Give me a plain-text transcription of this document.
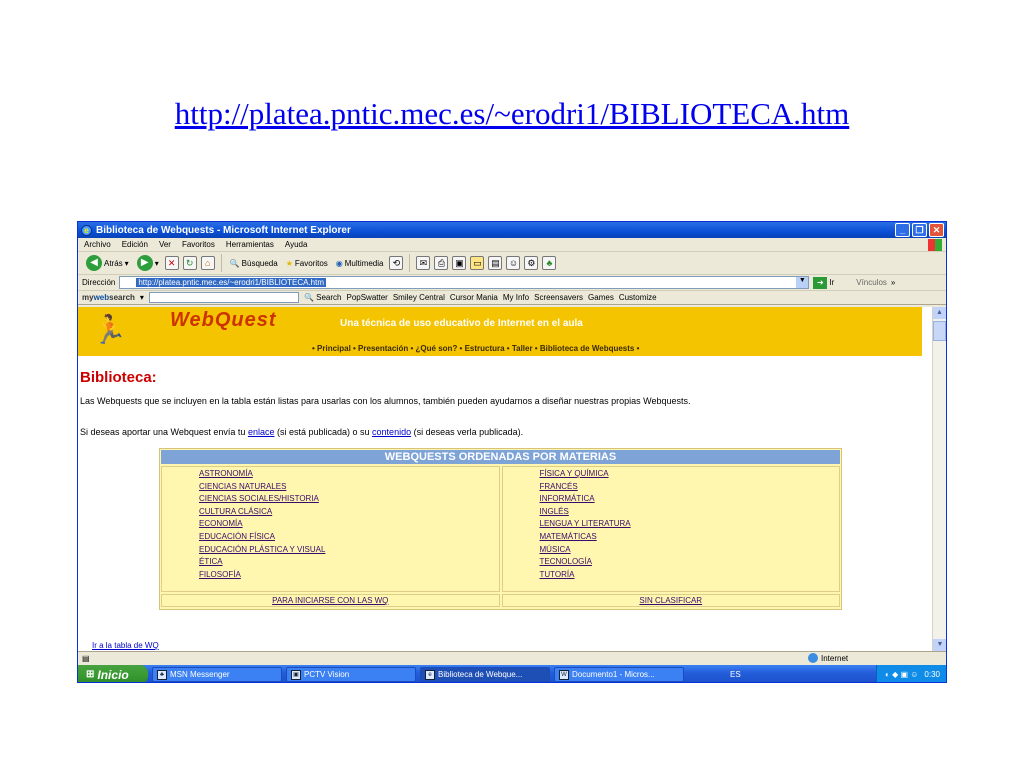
http://platea.pntic.mec.es/~erodri1/BIBLIOTECA.htm
e Biblioteca de Webquests - Microsoft Internet Explorer	_	❐	✕
Archivo Edición Ver Favoritos Herramientas Ayuda
◀ Atrás ▾	▶ ▾	✕	↻	⌂	🔍 Búsqueda ★ Favoritos ◉ Multimedia	⟲	✉	⎙	▣	▭	▤	☺	⚙	♣
Dirección	http://platea.pntic.mec.es/~erodri1/BIBLIOTECA.htm	▼	➜ Ir	Vínculos »
mywebsearch ▾	🔍 Search PopSwatter Smiley Central Cursor Mania My Info Screensavers Games Customize
🏃 WebQuest	Una técnica de uso educativo de Internet en el aula
• Principal • Presentación • ¿Qué son? • Estructura • Taller • Biblioteca de Webquests •
Biblioteca:
Las Webquests que se incluyen en la tabla están listas para usarlas con los alumnos, también pueden ayudarnos a diseñar nuestras propias Webquests.
Si deseas aportar una Webquest envía tu enlace (si está publicada) o su contenido (si deseas verla publicada).
WEBQUESTS ORDENADAS POR MATERIAS
ASTRONOMÍA
CIENCIAS NATURALES
CIENCIAS SOCIALES/HISTORIA
CULTURA CLÁSICA
ECONOMÍA
EDUCACIÓN FÍSICA
EDUCACIÓN PLÁSTICA Y VISUAL
ÉTICA
FILOSOFÍA
FÍSICA Y QUÍMICA
FRANCÉS
INFORMÁTICA
INGLÉS
LENGUA Y LITERATURA
MATEMÁTICAS
MÚSICA
TECNOLOGÍA
TUTORÍA
PARA INICIARSE CON LAS WQ	SIN CLASIFICAR
Ir a la tabla de WQ
▲
▼
▤	Internet
⊞ Inicio	♣ MSN Messenger	▣ PCTV Vision	e Biblioteca de Webque...	W Documento1 - Micros...	ES	◐ ◆ ▣ ☺ 0:30
